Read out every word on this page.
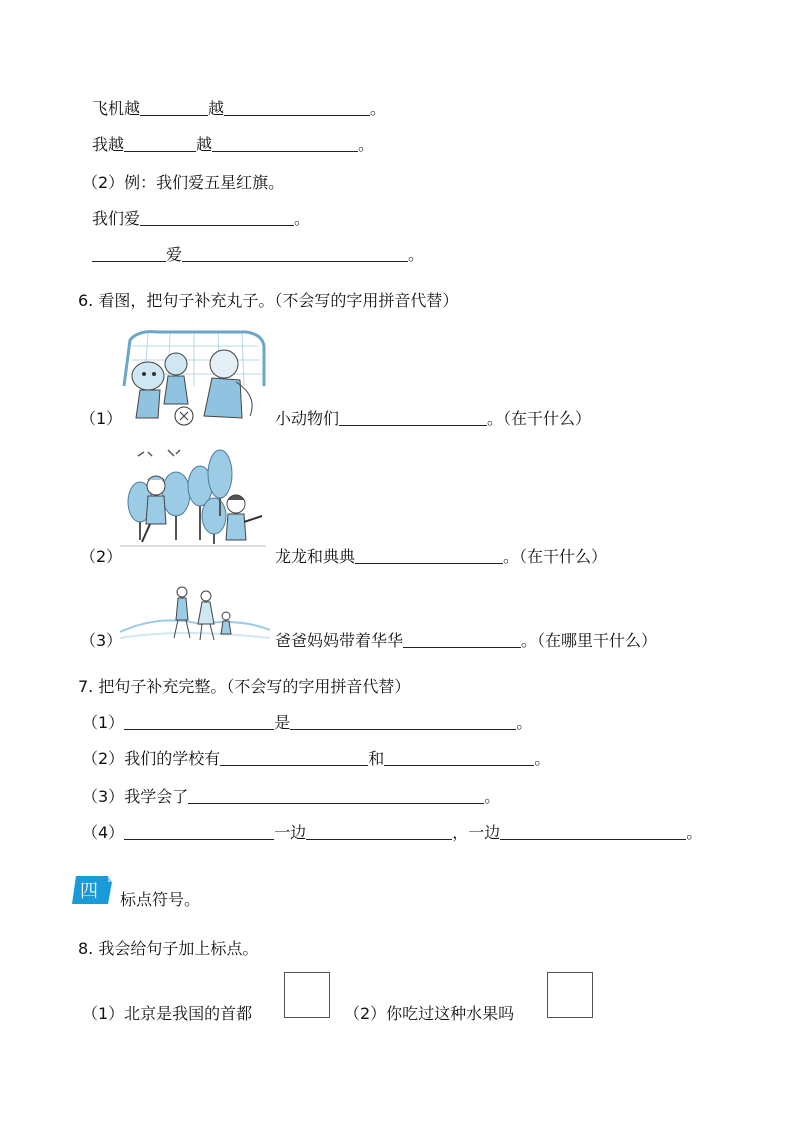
飞机越	越	。
我越	越	。
（2）例：我们爱五星红旗。
我们爱	。
爱	。
6. 看图，把句子补充丸子。（不会写的字用拼音代替）
（1）	小动物们	。（在干什么）
（2）	龙龙和典典	。（在干什么）
（3）	爸爸妈妈带着华华	。（在哪里干什么）
7. 把句子补充完整。（不会写的字用拼音代替）
（1）	是	。
（2）我们的学校有	和	。
（3）我学会了	。
（4）	一边	，一边	。
四 标点符号。
8. 我会给句子加上标点。
（1）北京是我国的首都	（2）你吃过这种水果吗
